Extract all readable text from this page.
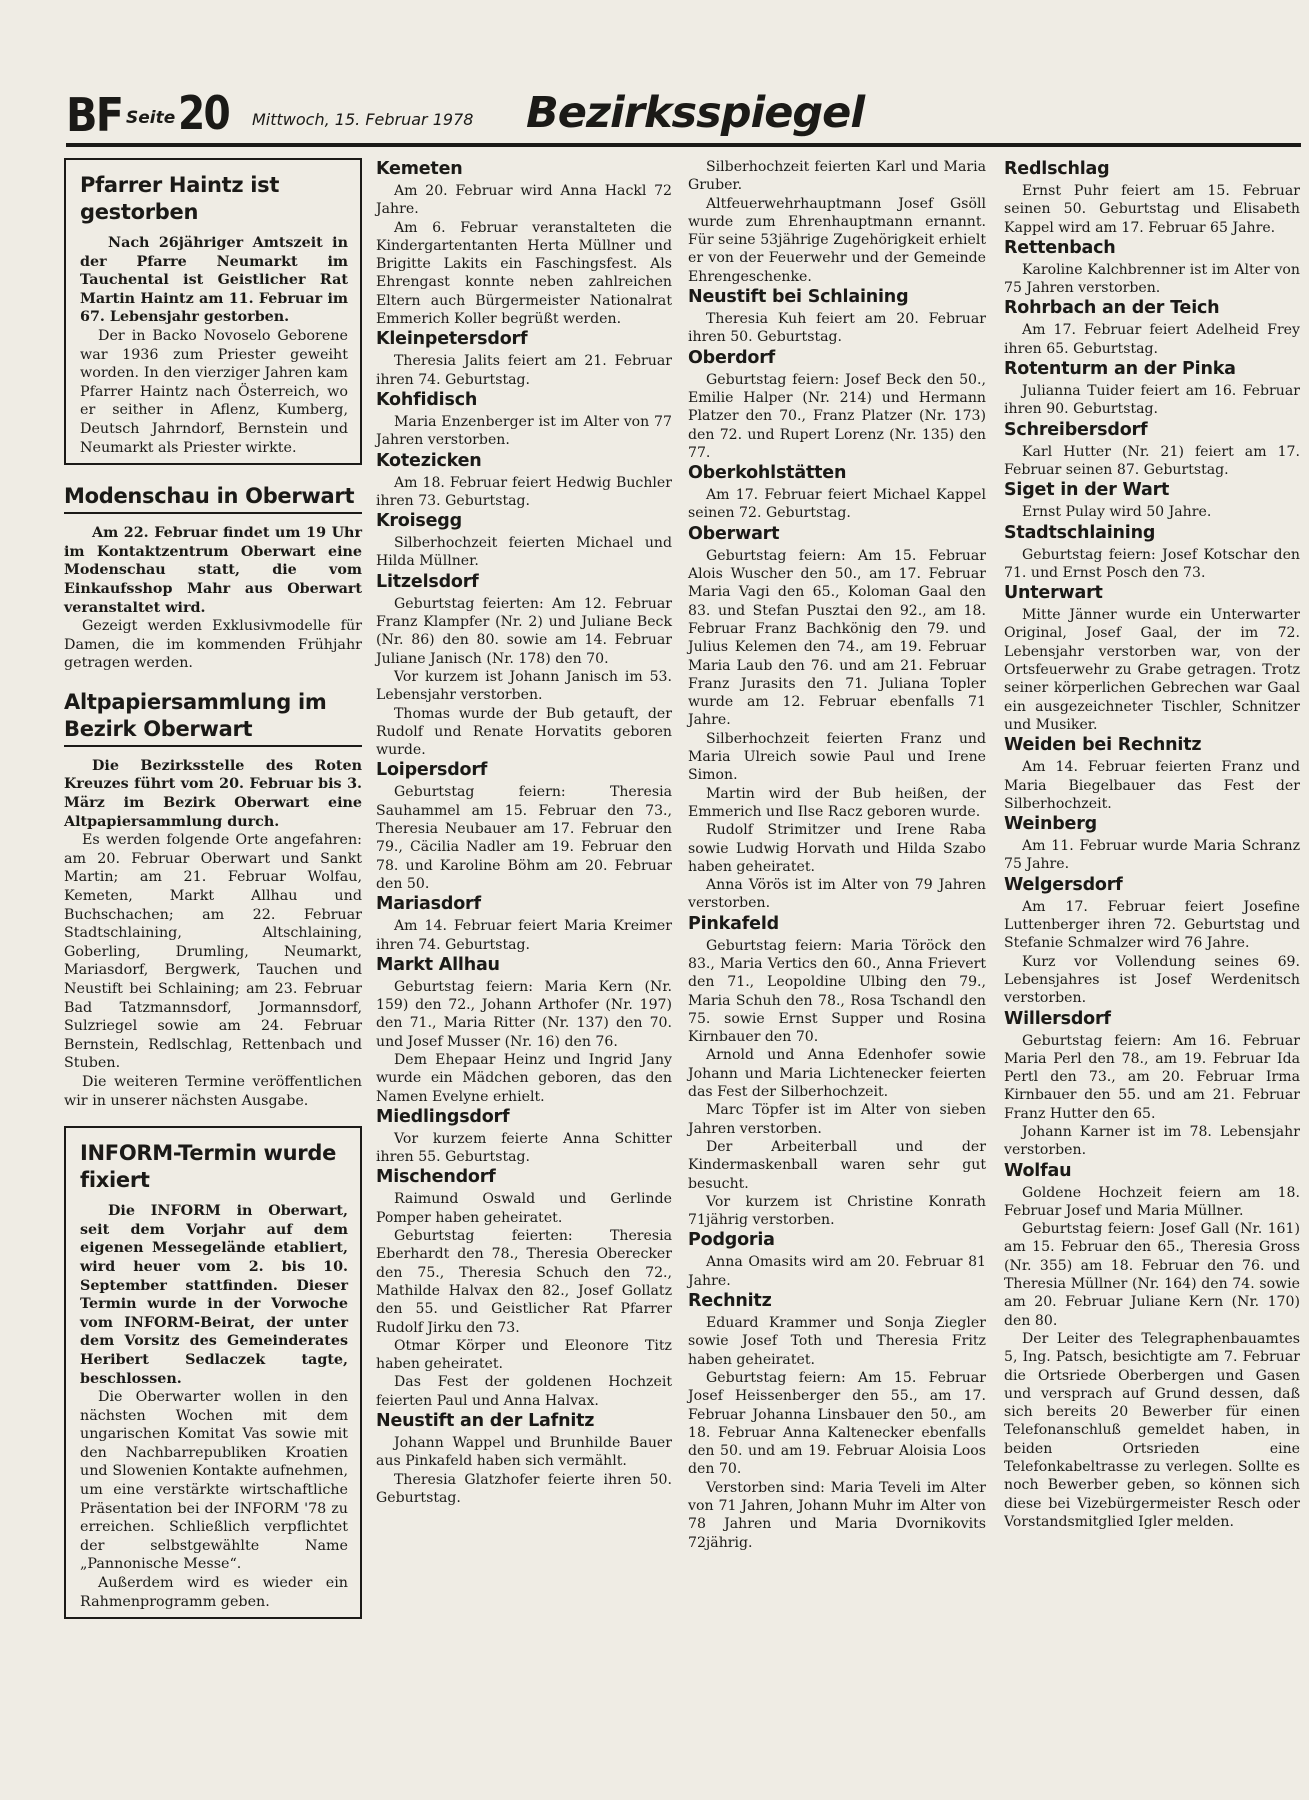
BF Seite 20 Mittwoch, 15. Februar 1978 Bezirksspiegel
Pfarrer Haintz ist gestorben

Nach 26jähriger Amtszeit in der Pfarre Neumarkt im Tauchental ist Geistlicher Rat Martin Haintz am 11. Februar im 67. Lebensjahr gestorben.

Der in Backo Novoselo Geborene war 1936 zum Priester geweiht worden. In den vierziger Jahren kam Pfarrer Haintz nach Österreich, wo er seither in Aflenz, Kumberg, Deutsch Jahrndorf, Bernstein und Neumarkt als Priester wirkte.

Modenschau in Oberwart

Am 22. Februar findet um 19 Uhr im Kontaktzentrum Oberwart eine Modenschau statt, die vom Einkaufsshop Mahr aus Oberwart veranstaltet wird.

Gezeigt werden Exklusivmodelle für Damen, die im kommenden Frühjahr getragen werden.

Altpapiersammlung im Bezirk Oberwart

Die Bezirksstelle des Roten Kreuzes führt vom 20. Februar bis 3. März im Bezirk Oberwart eine Altpapiersammlung durch.

Es werden folgende Orte angefahren: am 20. Februar Oberwart und Sankt Martin; am 21. Februar Wolfau, Kemeten, Markt Allhau und Buchschachen; am 22. Februar Stadtschlaining, Altschlaining, Goberling, Drumling, Neumarkt, Mariasdorf, Bergwerk, Tauchen und Neustift bei Schlaining; am 23. Februar Bad Tatzmannsdorf, Jormannsdorf, Sulzriegel sowie am 24. Februar Bernstein, Redlschlag, Rettenbach und Stuben.

Die weiteren Termine veröffentlichen wir in unserer nächsten Ausgabe.

INFORM-Termin wurde fixiert

Die INFORM in Oberwart, seit dem Vorjahr auf dem eigenen Messegelände etabliert, wird heuer vom 2. bis 10. September stattfinden. Dieser Termin wurde in der Vorwoche vom INFORM-Beirat, der unter dem Vorsitz des Gemeinderates Heribert Sedlaczek tagte, beschlossen.

Die Oberwarter wollen in den nächsten Wochen mit dem ungarischen Komitat Vas sowie mit den Nachbarrepubliken Kroatien und Slowenien Kontakte aufnehmen, um eine verstärkte wirtschaftliche Präsentation bei der INFORM '78 zu erreichen. Schließlich verpflichtet der selbstgewählte Name „Pannonische Messe“.

Außerdem wird es wieder ein Rahmenprogramm geben.

Kemeten

Am 20. Februar wird Anna Hackl 72 Jahre.

Am 6. Februar veranstalteten die Kindergartentanten Herta Müllner und Brigitte Lakits ein Faschingsfest. Als Ehrengast konnte neben zahlreichen Eltern auch Bürgermeister Nationalrat Emmerich Koller begrüßt werden.

Kleinpetersdorf

Theresia Jalits feiert am 21. Februar ihren 74. Geburtstag.

Kohfidisch

Maria Enzenberger ist im Alter von 77 Jahren verstorben.

Kotezicken

Am 18. Februar feiert Hedwig Buchler ihren 73. Geburtstag.

Kroisegg

Silberhochzeit feierten Michael und Hilda Müllner.

Litzelsdorf

Geburtstag feierten: Am 12. Februar Franz Klampfer (Nr. 2) und Juliane Beck (Nr. 86) den 80. sowie am 14. Februar Juliane Janisch (Nr. 178) den 70.

Vor kurzem ist Johann Janisch im 53. Lebensjahr verstorben.

Thomas wurde der Bub getauft, der Rudolf und Renate Horvatits geboren wurde.

Loipersdorf

Geburtstag feiern: Theresia Sauhammel am 15. Februar den 73., Theresia Neubauer am 17. Februar den 79., Cäcilia Nadler am 19. Februar den 78. und Karoline Böhm am 20. Februar den 50.

Mariasdorf

Am 14. Februar feiert Maria Kreimer ihren 74. Geburtstag.

Markt Allhau

Geburtstag feiern: Maria Kern (Nr. 159) den 72., Johann Arthofer (Nr. 197) den 71., Maria Ritter (Nr. 137) den 70. und Josef Musser (Nr. 16) den 76.

Dem Ehepaar Heinz und Ingrid Jany wurde ein Mädchen geboren, das den Namen Evelyne erhielt.

Miedlingsdorf

Vor kurzem feierte Anna Schitter ihren 55. Geburtstag.

Mischendorf

Raimund Oswald und Gerlinde Pomper haben geheiratet.

Geburtstag feierten: Theresia Eberhardt den 78., Theresia Oberecker den 75., Theresia Schuch den 72., Mathilde Halvax den 82., Josef Gollatz den 55. und Geistlicher Rat Pfarrer Rudolf Jirku den 73.

Otmar Körper und Eleonore Titz haben geheiratet.

Das Fest der goldenen Hochzeit feierten Paul und Anna Halvax.

Neustift an der Lafnitz

Johann Wappel und Brunhilde Bauer aus Pinkafeld haben sich vermählt.

Theresia Glatzhofer feierte ihren 50. Geburtstag.

Silberhochzeit feierten Karl und Maria Gruber.

Altfeuerwehrhauptmann Josef Gsöll wurde zum Ehrenhauptmann ernannt. Für seine 53jährige Zugehörigkeit erhielt er von der Feuerwehr und der Gemeinde Ehrengeschenke.

Neustift bei Schlaining

Theresia Kuh feiert am 20. Februar ihren 50. Geburtstag.

Oberdorf

Geburtstag feiern: Josef Beck den 50., Emilie Halper (Nr. 214) und Hermann Platzer den 70., Franz Platzer (Nr. 173) den 72. und Rupert Lorenz (Nr. 135) den 77.

Oberkohlstätten

Am 17. Februar feiert Michael Kappel seinen 72. Geburtstag.

Oberwart

Geburtstag feiern: Am 15. Februar Alois Wuscher den 50., am 17. Februar Maria Vagi den 65., Koloman Gaal den 83. und Stefan Pusztai den 92., am 18. Februar Franz Bachkönig den 79. und Julius Kelemen den 74., am 19. Februar Maria Laub den 76. und am 21. Februar Franz Jurasits den 71. Juliana Topler wurde am 12. Februar ebenfalls 71 Jahre.

Silberhochzeit feierten Franz und Maria Ulreich sowie Paul und Irene Simon.

Martin wird der Bub heißen, der Emmerich und Ilse Racz geboren wurde.

Rudolf Strimitzer und Irene Raba sowie Ludwig Horvath und Hilda Szabo haben geheiratet.

Anna Vörös ist im Alter von 79 Jahren verstorben.

Pinkafeld

Geburtstag feiern: Maria Töröck den 83., Maria Vertics den 60., Anna Frievert den 71., Leopoldine Ulbing den 79., Maria Schuh den 78., Rosa Tschandl den 75. sowie Ernst Supper und Rosina Kirnbauer den 70.

Arnold und Anna Edenhofer sowie Johann und Maria Lichtenecker feierten das Fest der Silberhochzeit.

Marc Töpfer ist im Alter von sieben Jahren verstorben.

Der Arbeiterball und der Kindermaskenball waren sehr gut besucht.

Vor kurzem ist Christine Konrath 71jährig verstorben.

Podgoria

Anna Omasits wird am 20. Februar 81 Jahre.

Rechnitz

Eduard Krammer und Sonja Ziegler sowie Josef Toth und Theresia Fritz haben geheiratet.

Geburtstag feiern: Am 15. Februar Josef Heissenberger den 55., am 17. Februar Johanna Linsbauer den 50., am 18. Februar Anna Kaltenecker ebenfalls den 50. und am 19. Februar Aloisia Loos den 70.

Verstorben sind: Maria Teveli im Alter von 71 Jahren, Johann Muhr im Alter von 78 Jahren und Maria Dvornikovits 72jährig.

Redlschlag

Ernst Puhr feiert am 15. Februar seinen 50. Geburtstag und Elisabeth Kappel wird am 17. Februar 65 Jahre.

Rettenbach

Karoline Kalchbrenner ist im Alter von 75 Jahren verstorben.

Rohrbach an der Teich

Am 17. Februar feiert Adelheid Frey ihren 65. Geburtstag.

Rotenturm an der Pinka

Julianna Tuider feiert am 16. Februar ihren 90. Geburtstag.

Schreibersdorf

Karl Hutter (Nr. 21) feiert am 17. Februar seinen 87. Geburtstag.

Siget in der Wart

Ernst Pulay wird 50 Jahre.

Stadtschlaining

Geburtstag feiern: Josef Kotschar den 71. und Ernst Posch den 73.

Unterwart

Mitte Jänner wurde ein Unterwarter Original, Josef Gaal, der im 72. Lebensjahr verstorben war, von der Ortsfeuerwehr zu Grabe getragen. Trotz seiner körperlichen Gebrechen war Gaal ein ausgezeichneter Tischler, Schnitzer und Musiker.

Weiden bei Rechnitz

Am 14. Februar feierten Franz und Maria Biegelbauer das Fest der Silberhochzeit.

Weinberg

Am 11. Februar wurde Maria Schranz 75 Jahre.

Welgersdorf

Am 17. Februar feiert Josefine Luttenberger ihren 72. Geburtstag und Stefanie Schmalzer wird 76 Jahre.

Kurz vor Vollendung seines 69. Lebensjahres ist Josef Werdenitsch verstorben.

Willersdorf

Geburtstag feiern: Am 16. Februar Maria Perl den 78., am 19. Februar Ida Pertl den 73., am 20. Februar Irma Kirnbauer den 55. und am 21. Februar Franz Hutter den 65.

Johann Karner ist im 78. Lebensjahr verstorben.

Wolfau

Goldene Hochzeit feiern am 18. Februar Josef und Maria Müllner.

Geburtstag feiern: Josef Gall (Nr. 161) am 15. Februar den 65., Theresia Gross (Nr. 355) am 18. Februar den 76. und Theresia Müllner (Nr. 164) den 74. sowie am 20. Februar Juliane Kern (Nr. 170) den 80.

Der Leiter des Telegraphenbauamtes 5, Ing. Patsch, besichtigte am 7. Februar die Ortsriede Oberbergen und Gasen und versprach auf Grund dessen, daß sich bereits 20 Bewerber für einen Telefonanschluß gemeldet haben, in beiden Ortsrieden eine Telefonkabeltrasse zu verlegen. Sollte es noch Bewerber geben, so können sich diese bei Vizebürgermeister Resch oder Vorstandsmitglied Igler melden.
